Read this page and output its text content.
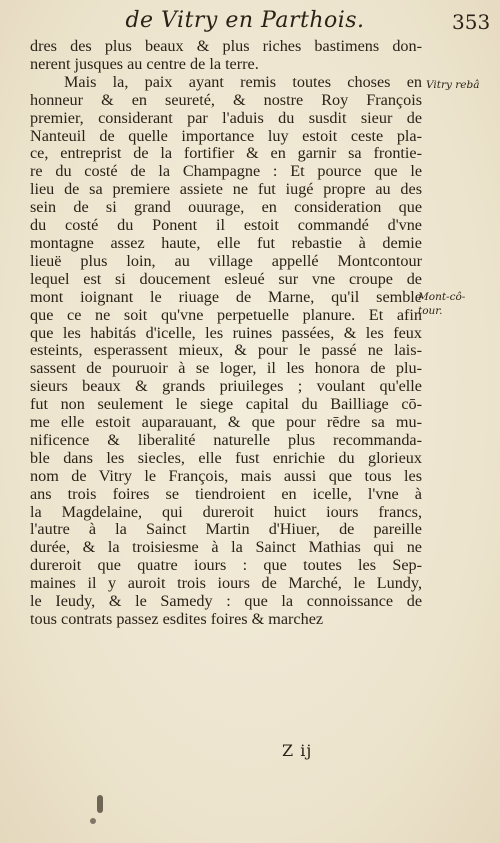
de Vitry en Parthois.	353
dres des plus beaux & plus riches bastimens don-
nerent jusques au centre de la terre.
Mais la, paix ayant remis toutes choses en
honneur & en seureté, & nostre Roy François
premier, considerant par l'aduis du susdit sieur de
Nanteuil de quelle importance luy estoit ceste pla-
ce, entreprist de la fortifier & en garnir sa frontie-
re du costé de la Champagne : Et pource que le
lieu de sa premiere assiete ne fut iugé propre au des
sein de si grand ouurage, en consideration que
du costé du Ponent il estoit commandé d'vne
montagne assez haute, elle fut rebastie à demie
lieuë plus loin, au village appellé Montcontour
lequel est si doucement esleué sur vne croupe de
mont ioignant le riuage de Marne, qu'il semble
que ce ne soit qu'vne perpetuelle planure. Et afin
que les habitás d'icelle, les ruines passées, & les feux
esteints, esperassent mieux, & pour le passé ne lais-
sassent de pouruoir à se loger, il les honora de plu-
sieurs beaux & grands priuileges ; voulant qu'elle
fut non seulement le siege capital du Bailliage cō-
me elle estoit auparauant, & que pour rēdre sa mu-
nificence & liberalité naturelle plus recommanda-
ble dans les siecles, elle fust enrichie du glorieux
nom de Vitry le François, mais aussi que tous les
ans trois foires se tiendroient en icelle, l'vne à
la Magdelaine, qui dureroit huict iours francs,
l'autre à la Sainct Martin d'Hiuer, de pareille
durée, & la troisiesme à la Sainct Mathias qui ne
dureroit que quatre iours : que toutes les Sep-
maines il y auroit trois iours de Marché, le Lundy,
le Ieudy, & le Samedy : que la connoissance de
tous contrats passez esdites foires & marchez
Vitry rebâ
Mont-cô-
tour.
Z ij
